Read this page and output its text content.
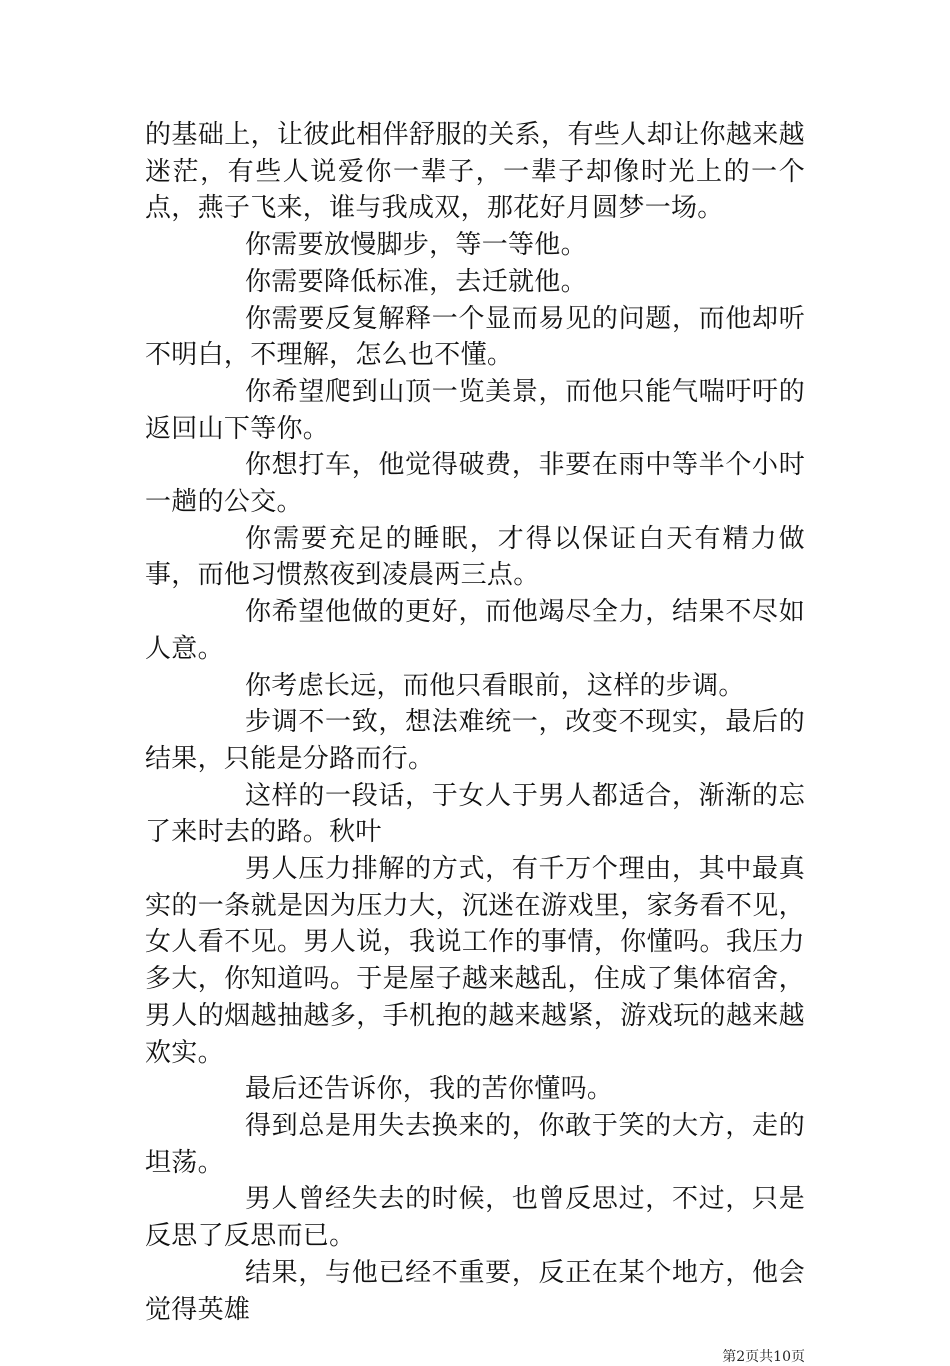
的基础上，让彼此相伴舒服的关系，有些人却让你越来越迷茫，有些人说爱你一辈子，一辈子却像时光上的一个点，燕子飞来，谁与我成双，那花好月圆梦一场。

你需要放慢脚步，等一等他。

你需要降低标准，去迁就他。

你需要反复解释一个显而易见的问题，而他却听不明白，不理解，怎么也不懂。

你希望爬到山顶一览美景，而他只能气喘吁吁的返回山下等你。

你想打车，他觉得破费，非要在雨中等半个小时一趟的公交。

你需要充足的睡眠，才得以保证白天有精力做事，而他习惯熬夜到凌晨两三点。

你希望他做的更好，而他竭尽全力，结果不尽如人意。

你考虑长远，而他只看眼前，这样的步调。

步调不一致，想法难统一，改变不现实，最后的结果，只能是分路而行。

这样的一段话，于女人于男人都适合，渐渐的忘了来时去的路。秋叶

男人压力排解的方式，有千万个理由，其中最真实的一条就是因为压力大，沉迷在游戏里，家务看不见，女人看不见。男人说，我说工作的事情，你懂吗。我压力多大，你知道吗。于是屋子越来越乱，住成了集体宿舍，男人的烟越抽越多，手机抱的越来越紧，游戏玩的越来越欢实。

最后还告诉你，我的苦你懂吗。

得到总是用失去换来的，你敢于笑的大方，走的坦荡。

男人曾经失去的时候，也曾反思过，不过，只是反思了反思而已。

结果，与他已经不重要，反正在某个地方，他会觉得英雄

第2页共10页
